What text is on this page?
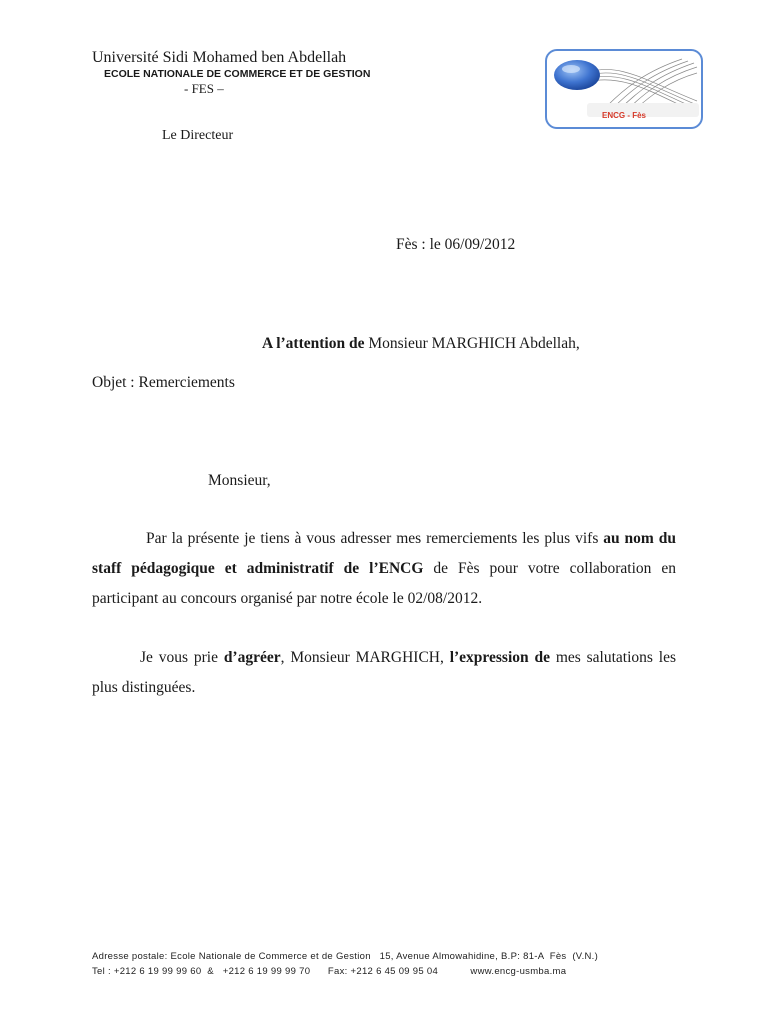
Université Sidi Mohamed ben Abdellah
ECOLE NATIONALE DE COMMERCE ET DE GESTION
- FES –
Le Directeur
ENCG - Fès
Fès : le 06/09/2012
A l’attention de Monsieur MARGHICH Abdellah,
Objet : Remerciements
Monsieur,
Par la présente je tiens à vous adresser mes remerciements les plus vifs au nom du staff pédagogique et administratif de l’ENCG de Fès pour votre collaboration en participant au concours organisé par notre école le 02/08/2012.
Je vous prie d’agréer, Monsieur MARGHICH, l’expression de mes salutations les plus distinguées.
Adresse postale: Ecole Nationale de Commerce et de Gestion   15, Avenue Almowahidine, B.P: 81-A  Fès  (V.N.)
Tel : +212 6 19 99 99 60  &   +212 6 19 99 99 70      Fax: +212 6 45 09 95 04           www.encg-usmba.ma
